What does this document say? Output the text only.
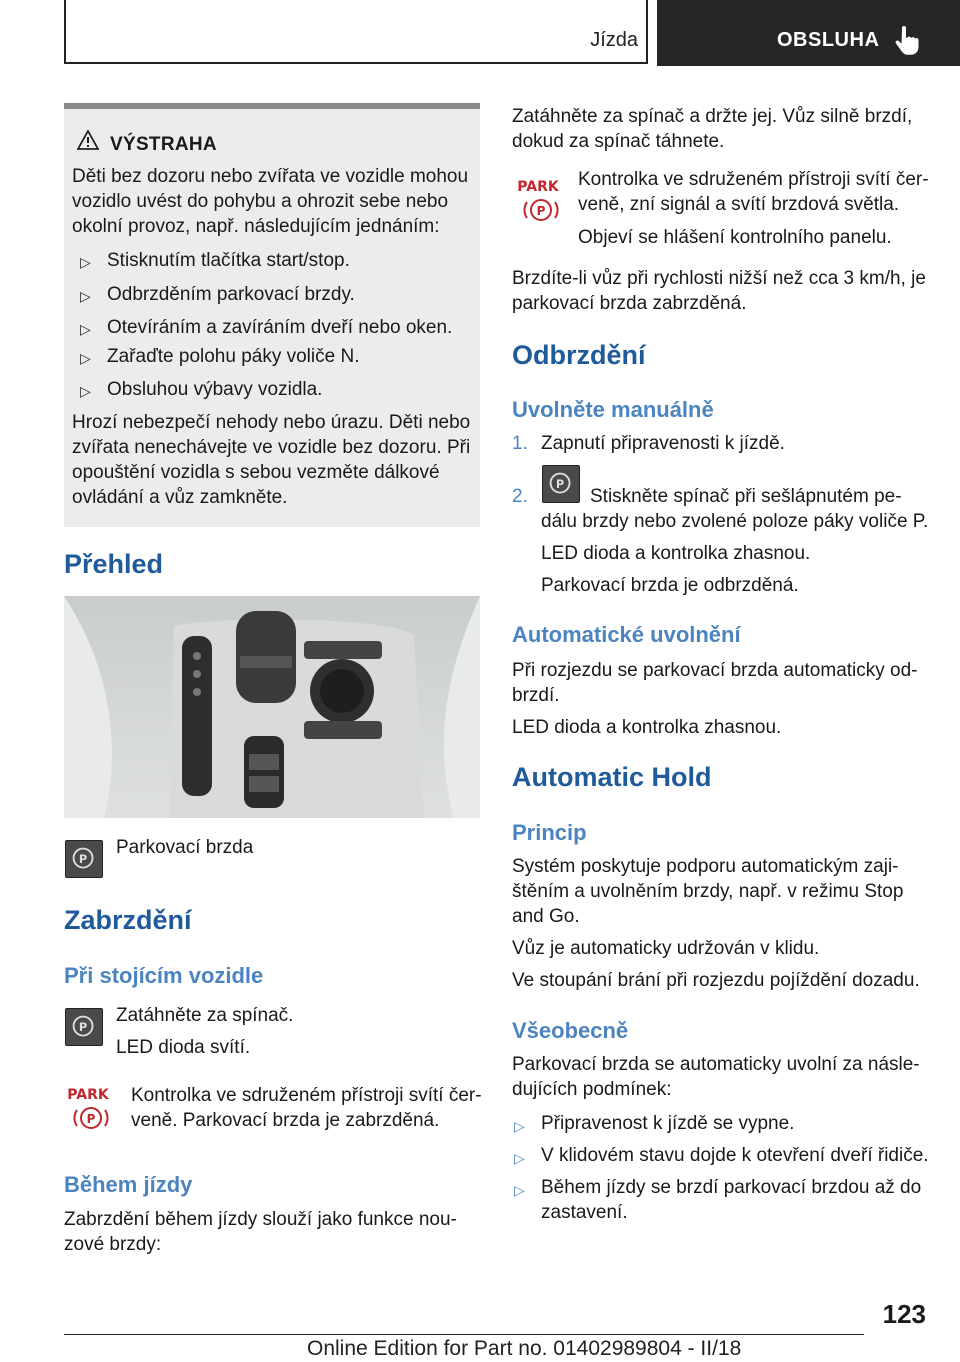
Jízda	OBSLUHA
VÝSTRAHA

Děti bez dozoru nebo zvířata ve vozidle mohou

vozidlo uvést do pohybu a ohrozit sebe nebo

okolní provoz, např. následujícím jednáním:

▷ Stisknutím tlačítka start/stop.

▷ Odbrzděním parkovací brzdy.

▷ Otevíráním a zavíráním dveří nebo oken.

▷ Zařaďte polohu páky voliče N.

▷ Obsluhou výbavy vozidla.

Hrozí nebezpečí nehody nebo úrazu. Děti nebo

zvířata nenechávejte ve vozidle bez dozoru. Při

opouštění vozidla s sebou vezměte dálkové

ovládání a vůz zamkněte.

Přehled
P

Parkovací brzda

Zabrzdění
Při stojícím vozidle
P

Zatáhněte za spínač.

LED dioda svítí.

PARK
P

Kontrolka ve sdruženém přístroji svítí čer-

veně. Parkovací brzda je zabrzděná.

Během jízdy

Zabrzdění během jízdy slouží jako funkce nou-

zové brzdy:

Zatáhněte za spínač a držte jej. Vůz silně brzdí,

dokud za spínač táhnete.

PARK
P

Kontrolka ve sdruženém přístroji svítí čer-

veně, zní signál a svítí brzdová světla.

Objeví se hlášení kontrolního panelu.

Brzdíte-li vůz při rychlosti nižší než cca 3 km/h, je

parkovací brzda zabrzděná.

Odbrzdění
Uvolněte manuálně
1. Zapnutí připravenosti k jízdě.

2.
P

Stiskněte spínač při sešlápnutém pe-

dálu brzdy nebo zvolené poloze páky voliče P.

LED dioda a kontrolka zhasnou.

Parkovací brzda je odbrzděná.

Automatické uvolnění

Při rozjezdu se parkovací brzda automaticky od-

brzdí.

LED dioda a kontrolka zhasnou.

Automatic Hold
Princip

Systém poskytuje podporu automatickým zaji-

štěním a uvolněním brzdy, např. v režimu Stop

and Go.

Vůz je automaticky udržován v klidu.

Ve stoupání brání při rozjezdu pojíždění dozadu.

Všeobecně

Parkovací brzda se automaticky uvolní za násle-

dujících podmínek:

▷ Připravenost k jízdě se vypne.

▷ V klidovém stavu dojde k otevření dveří řidiče.

▷ Během jízdy se brzdí parkovací brzdou až do

zastavení.

123
Online Edition for Part no. 01402989804 - II/18
